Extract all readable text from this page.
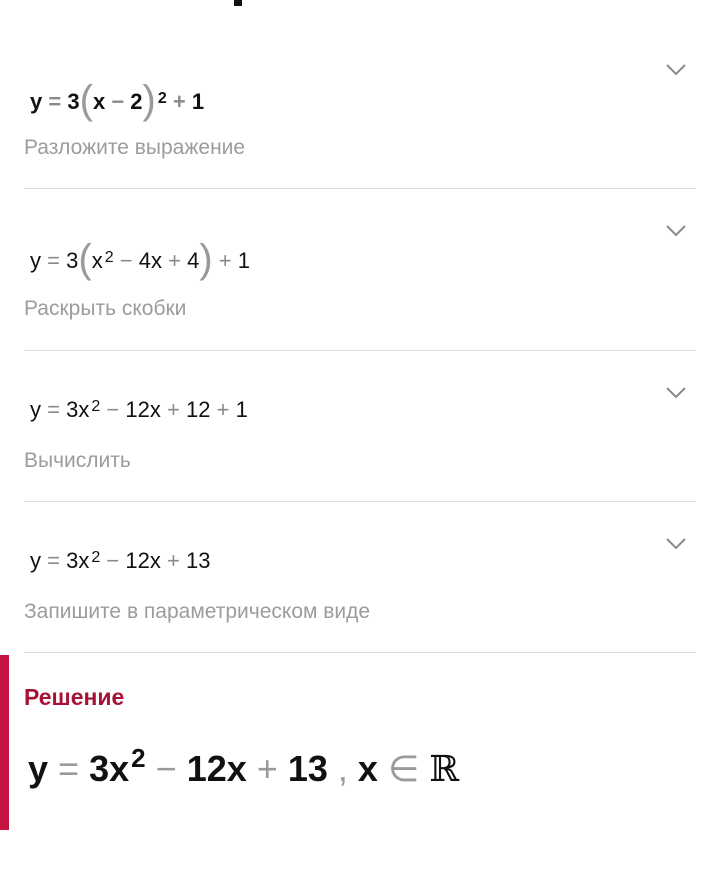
y = 3(x − 2) $^2$ + 1
Разложите выражение
y = 3(x $^2$ − 4x + 4) + 1
Раскрыть скобки
y = 3x $^2$ − 12x + 12 + 1
Вычислить
y = 3x $^2$ − 12x + 13
Запишите в параметрическом виде
Решение
$y = 3x^2 - 12x + 13$ , x ∈ ℝ
